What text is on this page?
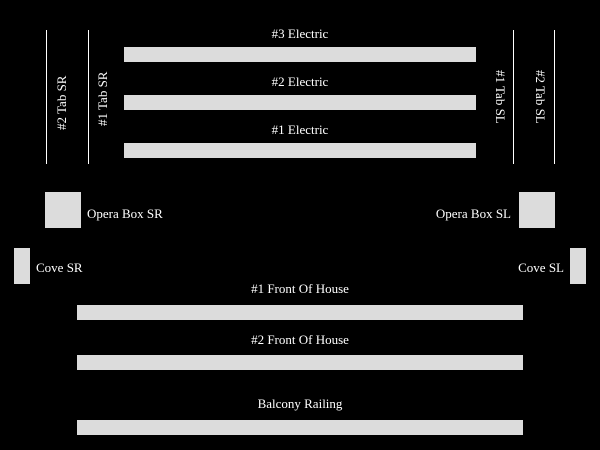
#2 Tab SR #1 Tab SR	#1 Tab SL #2 Tab SL
#3 Electric
#2 Electric
#1 Electric
Opera Box SR	Opera Box SL
Cove SR	Cove SL
#1 Front Of House
#2 Front Of House
Balcony Railing
